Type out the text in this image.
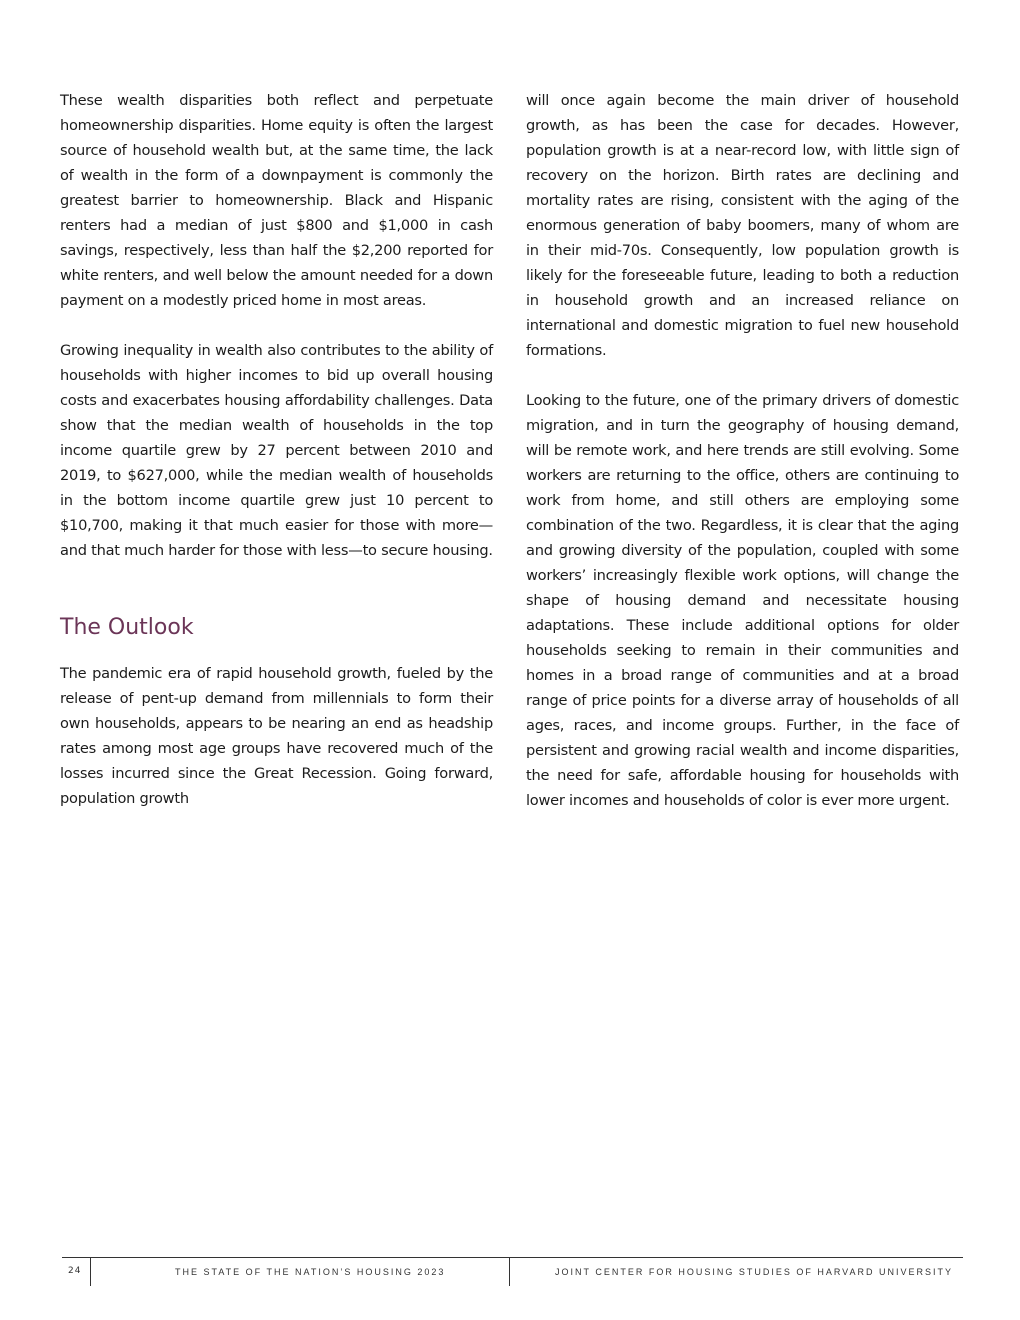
These wealth disparities both reflect and perpetuate homeownership disparities. Home equity is often the largest source of household wealth but, at the same time, the lack of wealth in the form of a downpayment is commonly the greatest barrier to homeownership. Black and Hispanic renters had a median of just $800 and $1,000 in cash savings, respectively, less than half the $2,200 reported for white renters, and well below the amount needed for a down payment on a modestly priced home in most areas.

Growing inequality in wealth also contributes to the ability of households with higher incomes to bid up overall housing costs and exacerbates housing affordability challenges. Data show that the median wealth of households in the top income quartile grew by 27 percent between 2010 and 2019, to $627,000, while the median wealth of households in the bottom income quartile grew just 10 percent to $10,700, making it that much easier for those with more—and that much harder for those with less—to secure housing.

The Outlook

The pandemic era of rapid household growth, fueled by the release of pent-up demand from millennials to form their own households, appears to be nearing an end as headship rates among most age groups have recovered much of the losses incurred since the Great Recession. Going forward, population growth

will once again become the main driver of household growth, as has been the case for decades. However, population growth is at a near-record low, with little sign of recovery on the horizon. Birth rates are declining and mortality rates are rising, consistent with the aging of the enormous generation of baby boomers, many of whom are in their mid-70s. Consequently, low population growth is likely for the foreseeable future, leading to both a reduction in household growth and an increased reliance on international and domestic migration to fuel new household formations.

Looking to the future, one of the primary drivers of domestic migration, and in turn the geography of housing demand, will be remote work, and here trends are still evolving. Some workers are returning to the office, others are continuing to work from home, and still others are employing some combination of the two. Regardless, it is clear that the aging and growing diversity of the population, coupled with some workers’ increasingly flexible work options, will change the shape of housing demand and necessitate housing adaptations. These include additional options for older households seeking to remain in their communities and homes in a broad range of communities and at a broad range of price points for a diverse array of households of all ages, races, and income groups. Further, in the face of persistent and growing racial wealth and income disparities, the need for safe, affordable housing for households with lower incomes and households of color is ever more urgent.

24	THE STATE OF THE NATION’S HOUSING 2023	JOINT CENTER FOR HOUSING STUDIES OF HARVARD UNIVERSITY
